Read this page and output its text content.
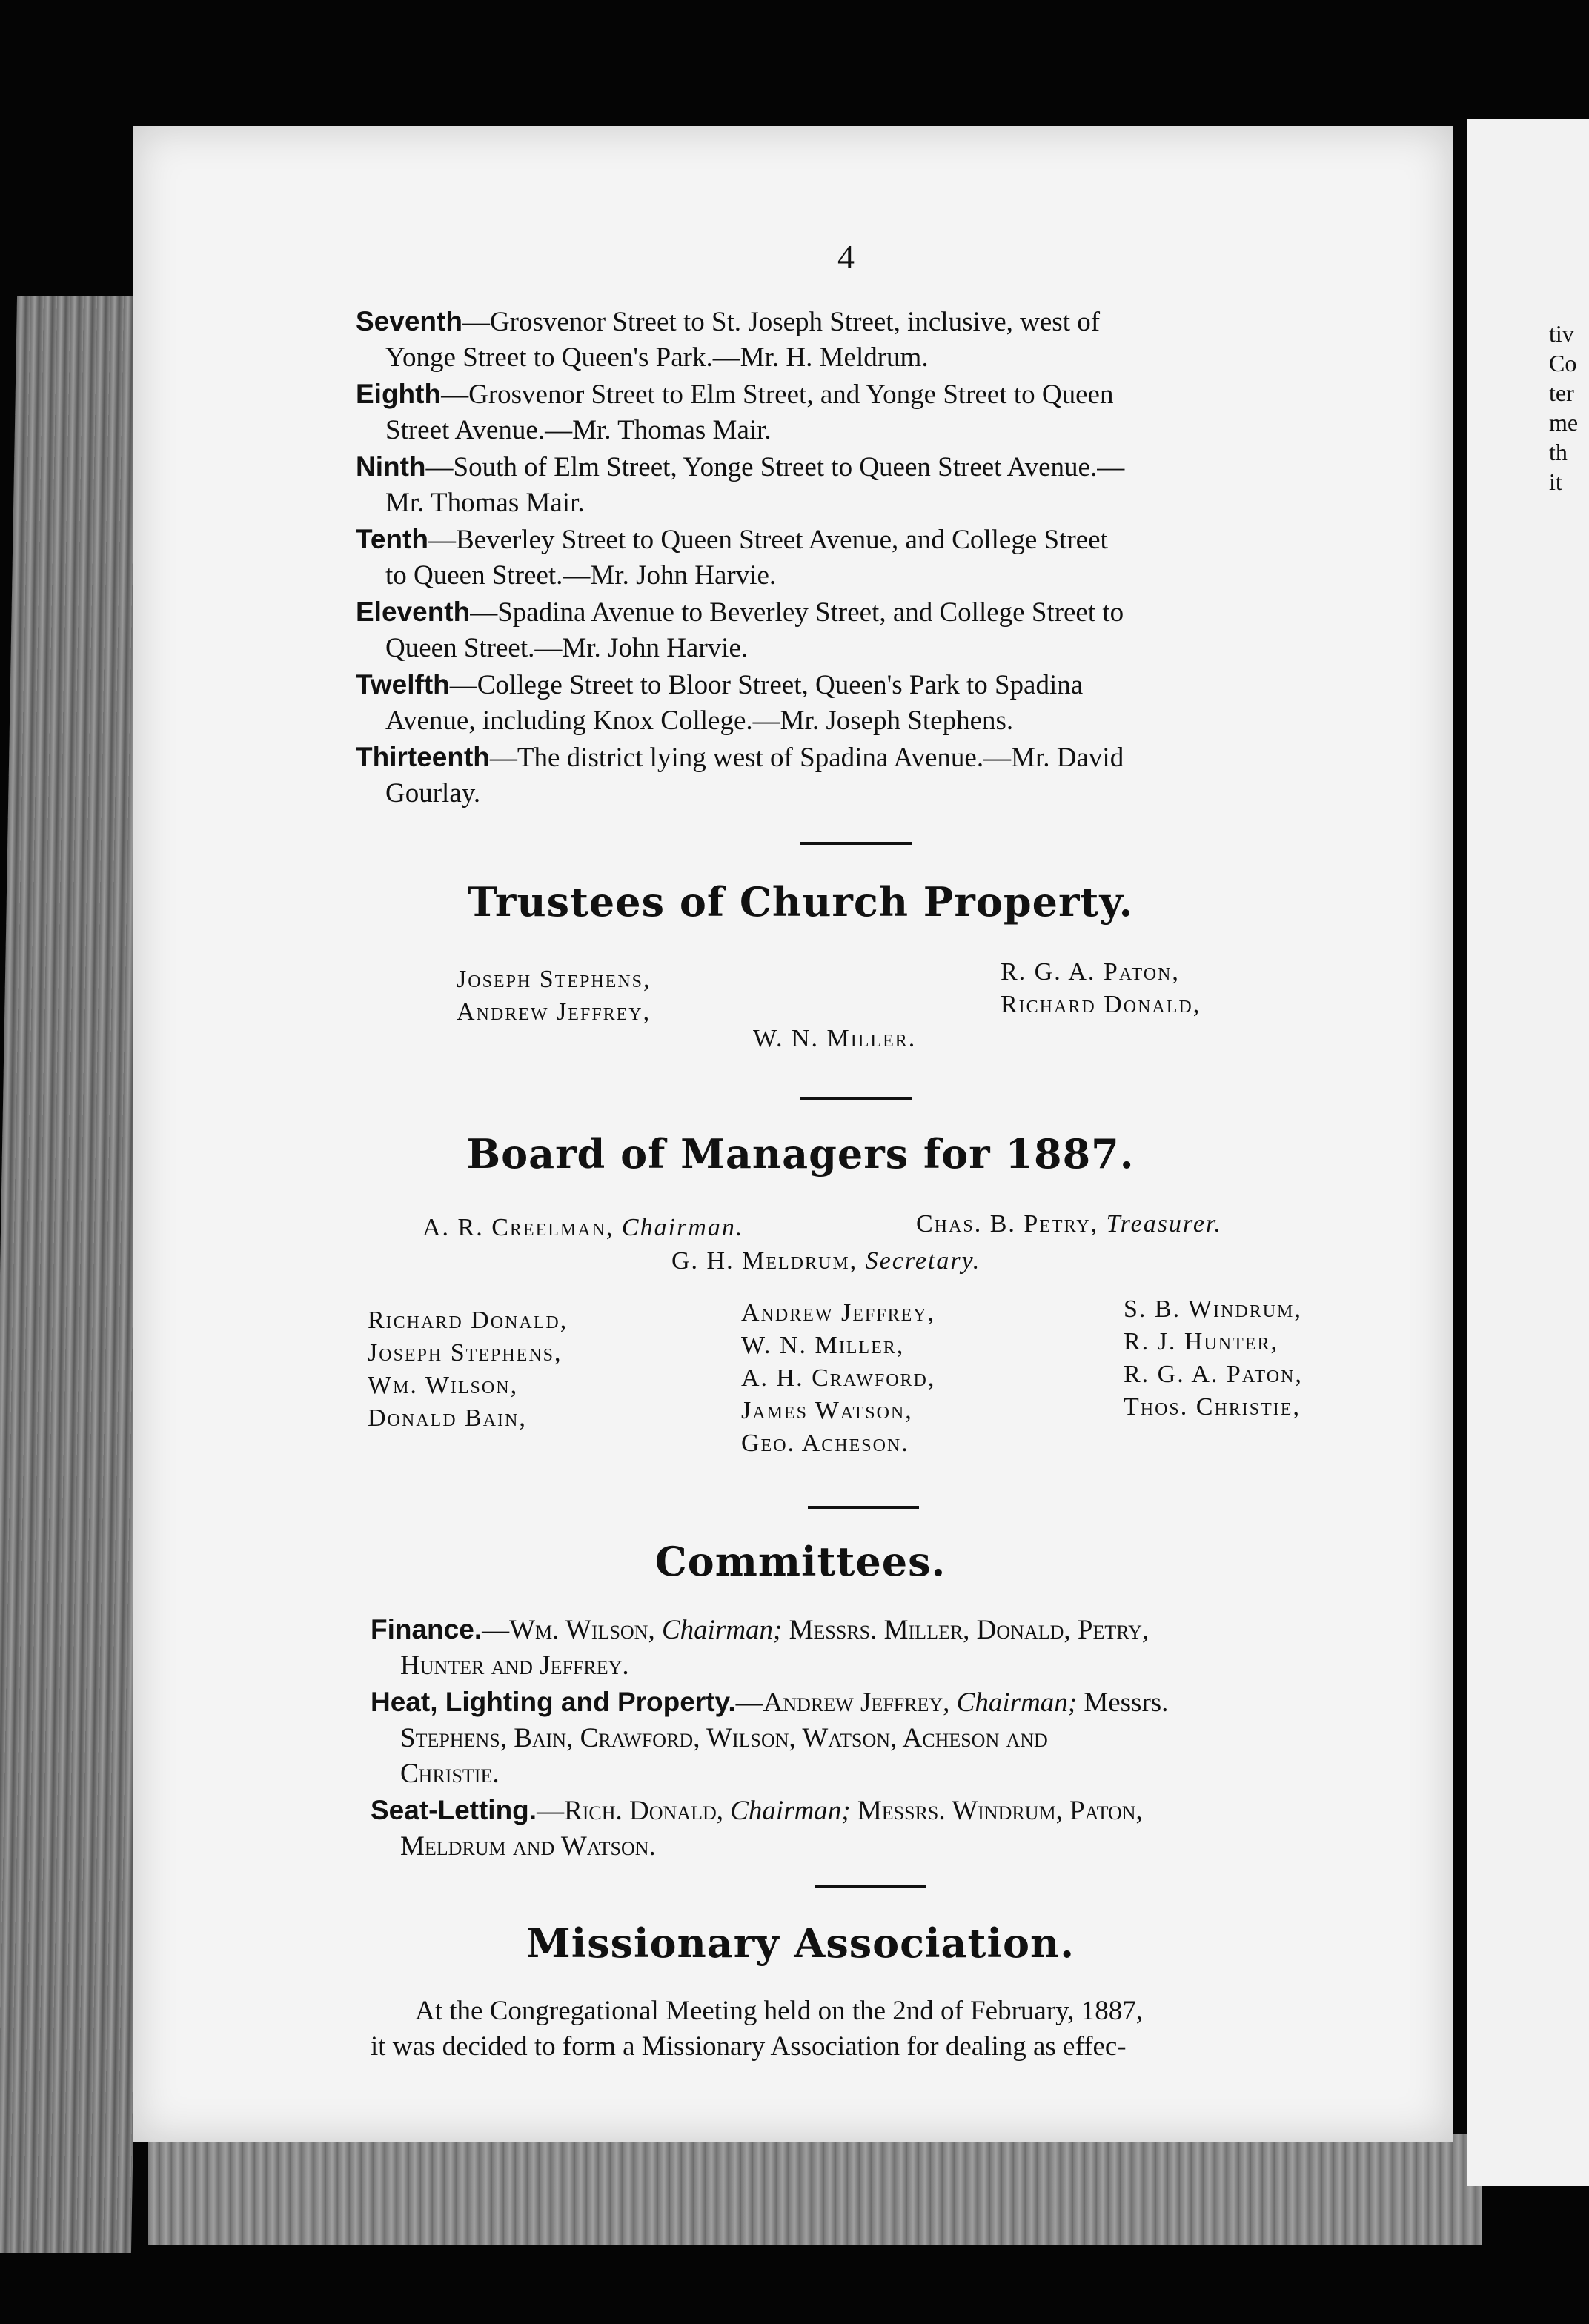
tiv
Co
ter
me
th
it
4
Seventh—Grosvenor Street to St. Joseph Street, inclusive, west of
Yonge Street to Queen's Park.—Mr. H. Meldrum.
Eighth—Grosvenor Street to Elm Street, and Yonge Street to Queen
Street Avenue.—Mr. Thomas Mair.
Ninth—South of Elm Street, Yonge Street to Queen Street Avenue.—
Mr. Thomas Mair.
Tenth—Beverley Street to Queen Street Avenue, and College Street
to Queen Street.—Mr. John Harvie.
Eleventh—Spadina Avenue to Beverley Street, and College Street to
Queen Street.—Mr. John Harvie.
Twelfth—College Street to Bloor Street, Queen's Park to Spadina
Avenue, including Knox College.—Mr. Joseph Stephens.
Thirteenth—The district lying west of Spadina Avenue.—Mr. David
Gourlay.
Trustees of Church Property.
Joseph Stephens,
Andrew Jeffrey,
R. G. A. Paton,
Richard Donald,
W. N. Miller.
Board of Managers for 1887.
A. R. Creelman, Chairman.	Chas. B. Petry, Treasurer.
G. H. Meldrum, Secretary.
Richard Donald,
Joseph Stephens,
Wm. Wilson,
Donald Bain,
Andrew Jeffrey,
W. N. Miller,
A. H. Crawford,
James Watson,
Geo. Acheson.
S. B. Windrum,
R. J. Hunter,
R. G. A. Paton,
Thos. Christie,
Committees.
Finance.—Wm. Wilson, Chairman; Messrs. Miller, Donald, Petry,
Hunter and Jeffrey.
Heat, Lighting and Property.—Andrew Jeffrey, Chairman; Messrs.
Stephens, Bain, Crawford, Wilson, Watson, Acheson and
Christie.
Seat-Letting.—Rich. Donald, Chairman; Messrs. Windrum, Paton,
Meldrum and Watson.
Missionary Association.
At the Congregational Meeting held on the 2nd of February, 1887,
it was decided to form a Missionary Association for dealing as effec-
